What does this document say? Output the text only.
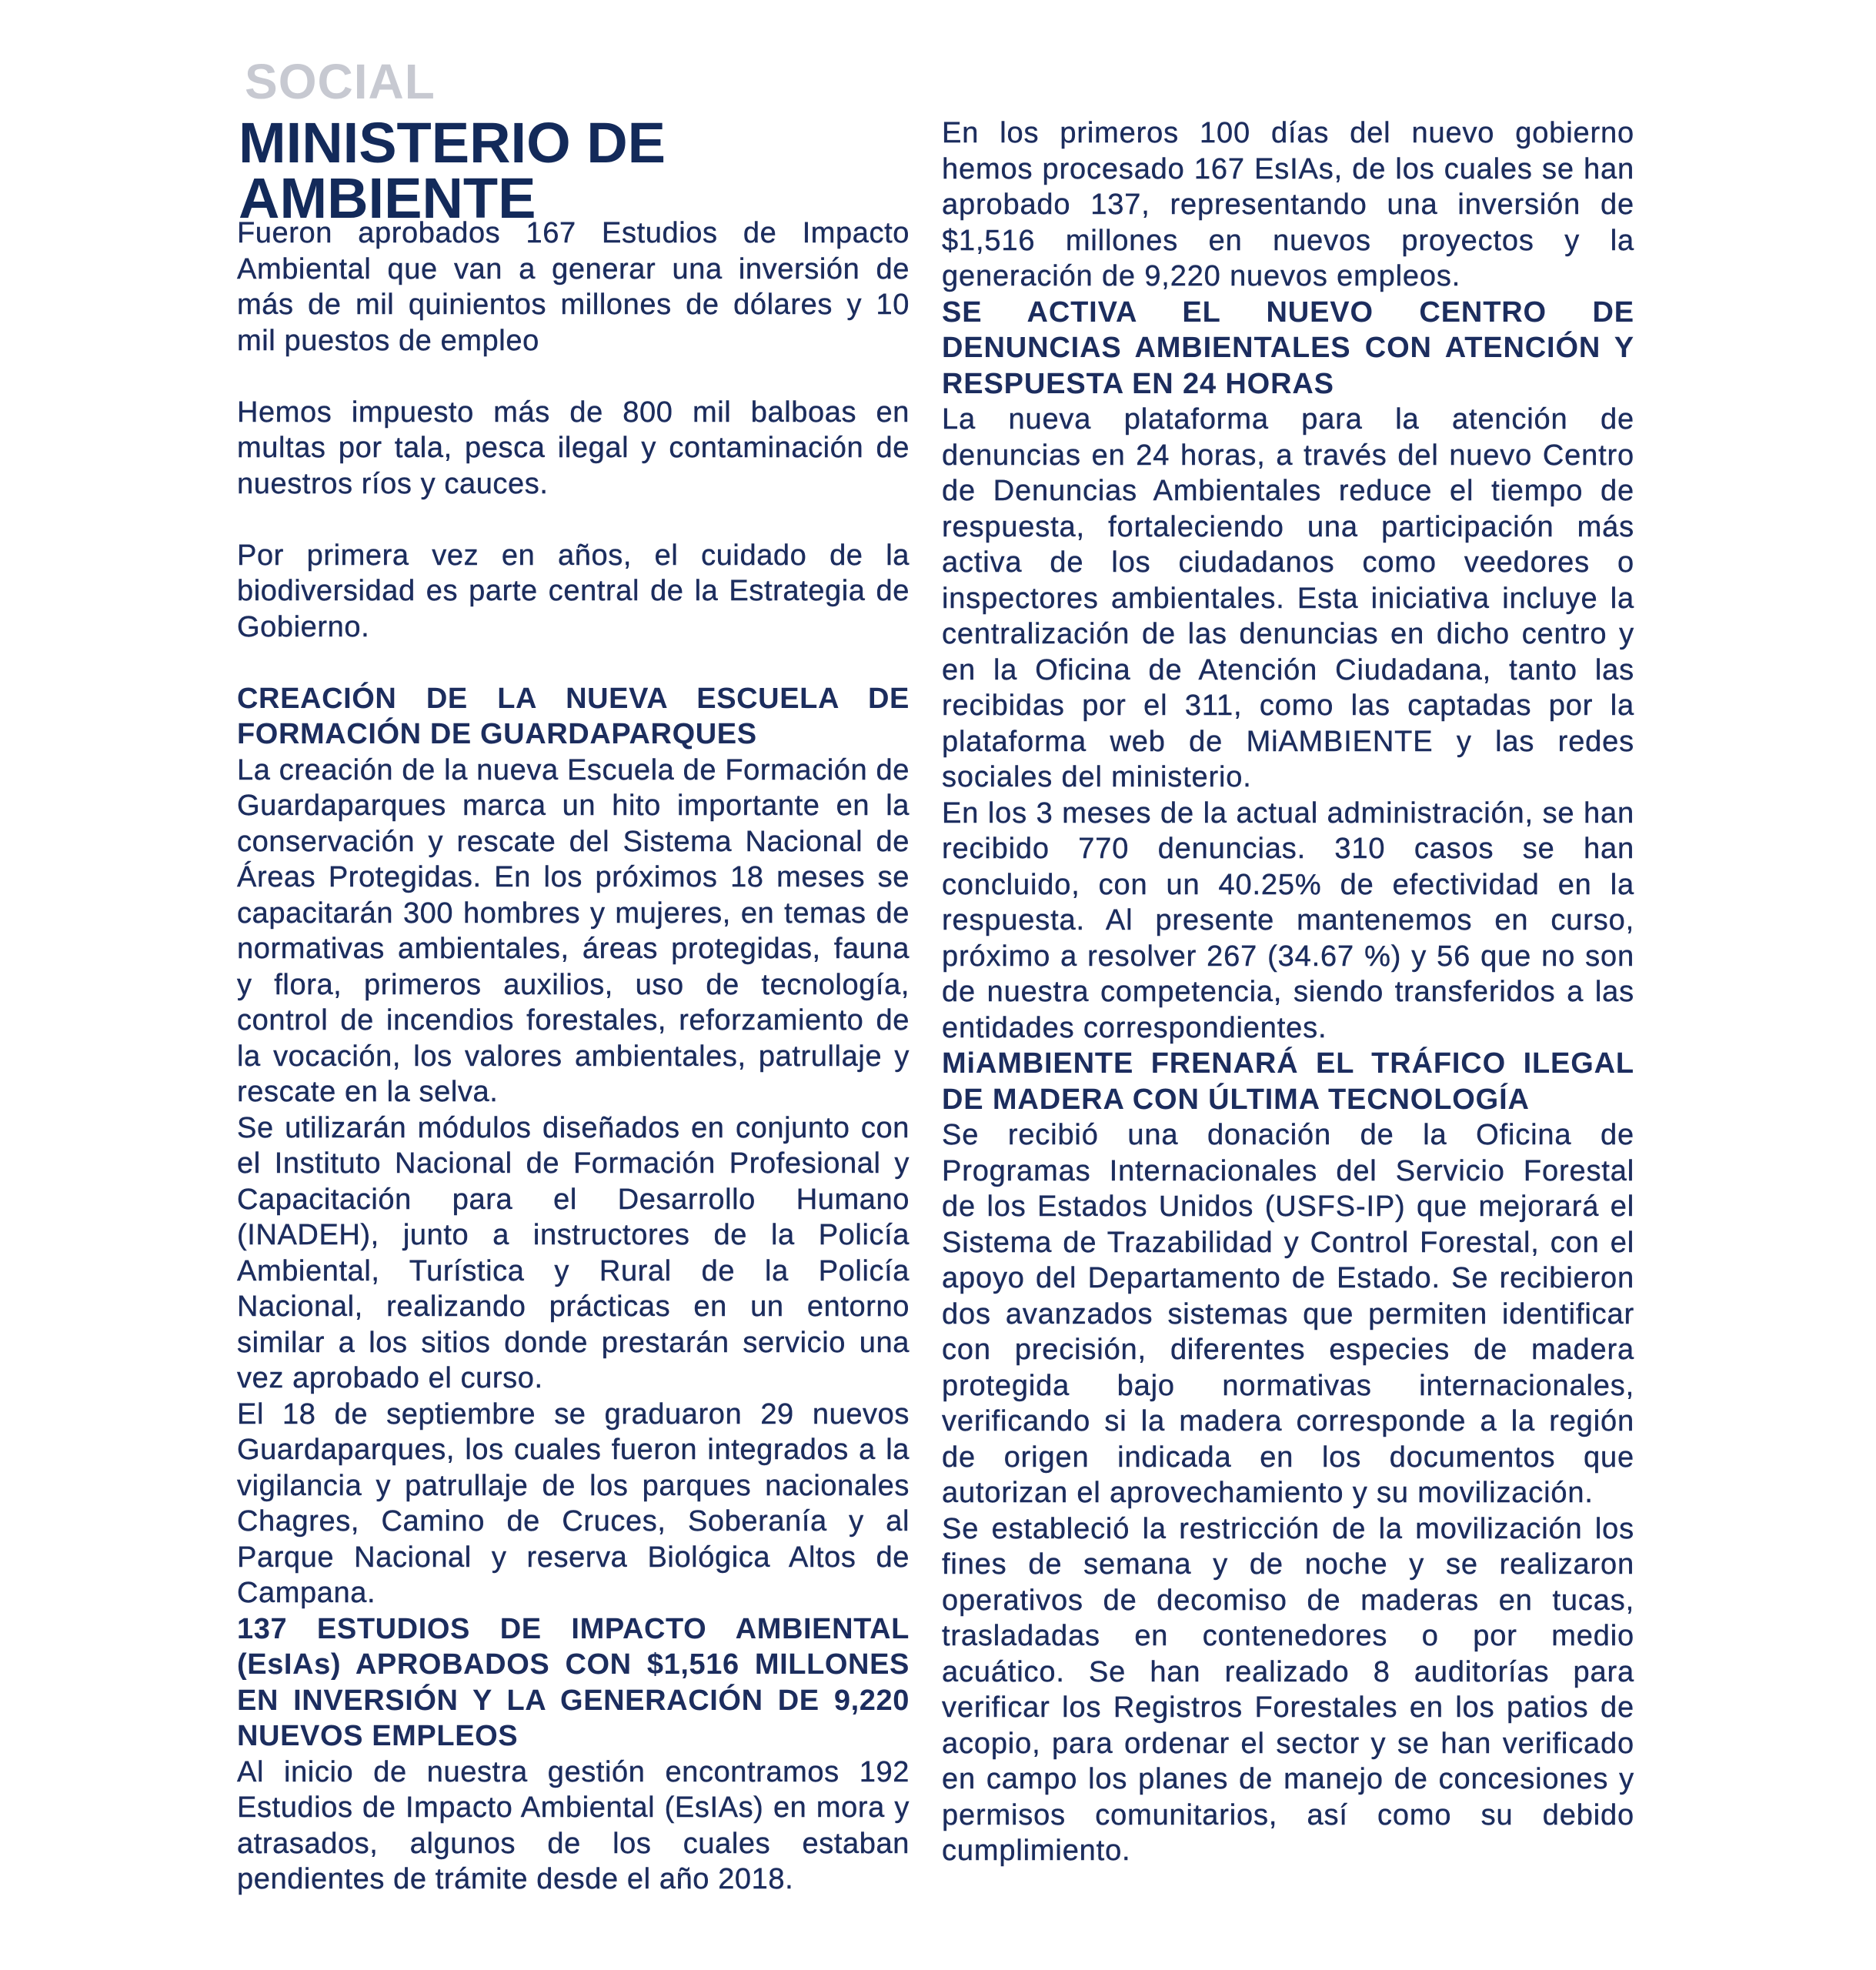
SOCIAL
MINISTERIO DE
AMBIENTE

Fueron aprobados 167 Estudios de Impacto Ambiental que van a generar una inversión de más de mil quinientos millones de dólares y 10 mil puestos de empleo

Hemos impuesto más de 800 mil balboas en multas por tala, pesca ilegal y contaminación de nuestros ríos y cauces.

Por primera vez en años, el cuidado de la biodiversidad es parte central de la Estrategia de Gobierno.

CREACIÓN DE LA NUEVA ESCUELA DE FORMACIÓN DE GUARDAPARQUES

La creación de la nueva Escuela de Formación de Guardaparques marca un hito importante en la conservación y rescate del Sistema Nacional de Áreas Protegidas. En los próximos 18 meses se capacitarán 300 hombres y mujeres, en temas de normativas ambientales, áreas protegidas, fauna y flora, primeros auxilios, uso de tecnología, control de incendios forestales, reforzamiento de la vocación, los valores ambientales, patrullaje y rescate en la selva.

Se utilizarán módulos diseñados en conjunto con el Instituto Nacional de Formación Profesional y Capacitación para el Desarrollo Humano (INADEH), junto a instructores de la Policía Ambiental, Turística y Rural de la Policía Nacional, realizando prácticas en un entorno similar a los sitios donde prestarán servicio una vez aprobado el curso.

El 18 de septiembre se graduaron 29 nuevos Guardaparques, los cuales fueron integrados a la vigilancia y patrullaje de los parques nacionales Chagres, Camino de Cruces, Soberanía y al Parque Nacional y reserva Biológica Altos de Campana.

137 ESTUDIOS DE IMPACTO AMBIENTAL (EsIAs) APROBADOS CON $1,516 MILLONES EN INVERSIÓN Y LA GENERACIÓN DE 9,220 NUEVOS EMPLEOS

Al inicio de nuestra gestión encontramos 192 Estudios de Impacto Ambiental (EsIAs) en mora y atrasados, algunos de los cuales estaban pendientes de trámite desde el año 2018.

En los primeros 100 días del nuevo gobierno hemos procesado 167 EsIAs, de los cuales se han aprobado 137, representando una inversión de $1,516 millones en nuevos proyectos y la generación de 9,220 nuevos empleos.

SE ACTIVA EL NUEVO CENTRO DE DENUNCIAS AMBIENTALES CON ATENCIÓN Y RESPUESTA EN 24 HORAS

La nueva plataforma para la atención de denuncias en 24 horas, a través del nuevo Centro de Denuncias Ambientales reduce el tiempo de respuesta, fortaleciendo una participación más activa de los ciudadanos como veedores o inspectores ambientales. Esta iniciativa incluye la centralización de las denuncias en dicho centro y en la Oficina de Atención Ciudadana, tanto las recibidas por el 311, como las captadas por la plataforma web de MiAMBIENTE y las redes sociales del ministerio.

En los 3 meses de la actual administración, se han recibido 770 denuncias. 310 casos se han concluido, con un 40.25% de efectividad en la respuesta. Al presente mantenemos en curso, próximo a resolver 267 (34.67 %) y 56 que no son de nuestra competencia, siendo transferidos a las entidades correspondientes.

MiAMBIENTE FRENARÁ EL TRÁFICO ILEGAL DE MADERA CON ÚLTIMA TECNOLOGÍA

Se recibió una donación de la Oficina de Programas Internacionales del Servicio Forestal de los Estados Unidos (USFS-IP) que mejorará el Sistema de Trazabilidad y Control Forestal, con el apoyo del Departamento de Estado. Se recibieron dos avanzados sistemas que permiten identificar con precisión, diferentes especies de madera protegida bajo normativas internacionales, verificando si la madera corresponde a la región de origen indicada en los documentos que autorizan el aprovechamiento y su movilización.

Se estableció la restricción de la movilización los fines de semana y de noche y se realizaron operativos de decomiso de maderas en tucas, trasladadas en contenedores o por medio acuático. Se han realizado 8 auditorías para verificar los Registros Forestales en los patios de acopio, para ordenar el sector y se han verificado en campo los planes de manejo de concesiones y permisos comunitarios, así como su debido cumplimiento.
